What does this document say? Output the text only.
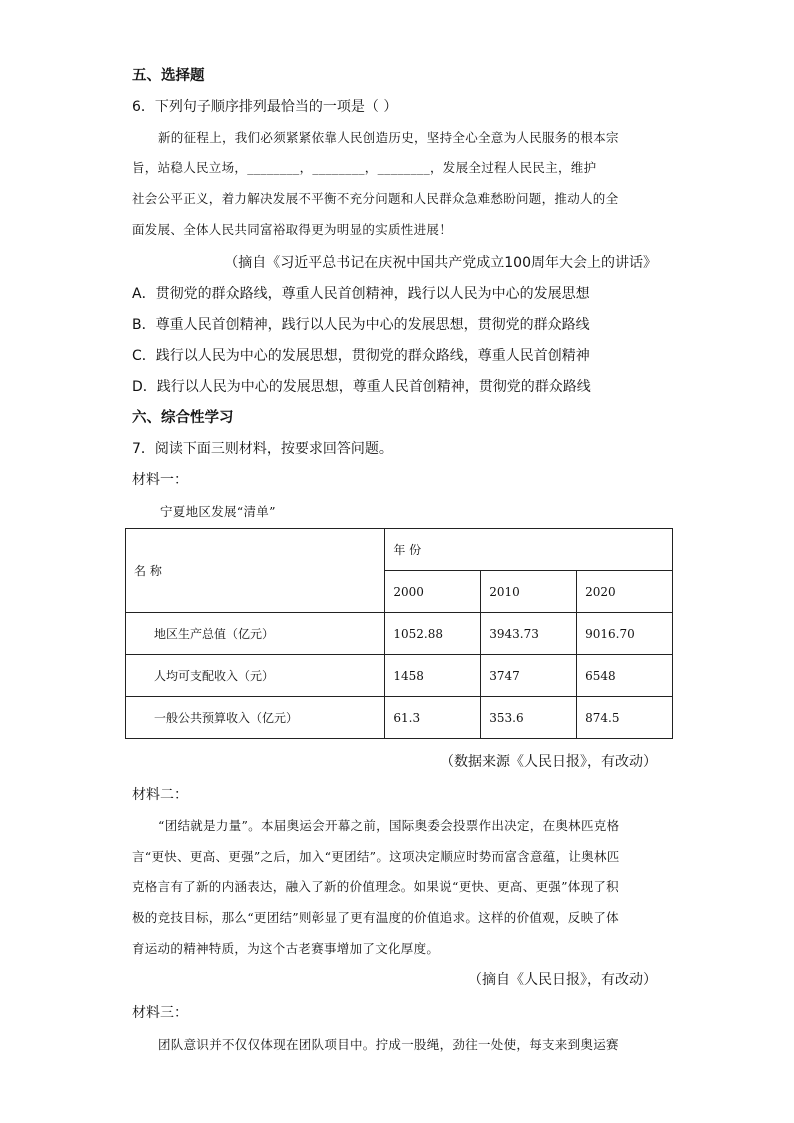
五、选择题
6．下列句子顺序排列最恰当的一项是（ ）
新的征程上，我们必须紧紧依靠人民创造历史，坚持全心全意为人民服务的根本宗
旨，站稳人民立场，________，________，________，发展全过程人民民主，维护
社会公平正义，着力解决发展不平衡不充分问题和人民群众急难愁盼问题，推动人的全
面发展、全体人民共同富裕取得更为明显的实质性进展！
（摘自《习近平总书记在庆祝中国共产党成立100周年大会上的讲话》
A．贯彻党的群众路线，尊重人民首创精神，践行以人民为中心的发展思想
B．尊重人民首创精神，践行以人民为中心的发展思想，贯彻党的群众路线
C．践行以人民为中心的发展思想，贯彻党的群众路线，尊重人民首创精神
D．践行以人民为中心的发展思想，尊重人民首创精神，贯彻党的群众路线
六、综合性学习
7．阅读下面三则材料，按要求回答问题。
材料一：
宁夏地区发展“清单”
名 称	年 份		
	2000	2010	2020
地区生产总值（亿元）	1052.88	3943.73	9016.70
人均可支配收入（元）	1458	3747	6548
一般公共预算收入（亿元）	61.3	353.6	874.5
（数据来源《人民日报》，有改动）
材料二：
“团结就是力量”。本届奥运会开幕之前，国际奥委会投票作出决定，在奥林匹克格
言“更快、更高、更强”之后，加入“更团结”。这项决定顺应时势而富含意蕴，让奥林匹
克格言有了新的内涵表达，融入了新的价值理念。如果说“更快、更高、更强”体现了积
极的竞技目标，那么“更团结”则彰显了更有温度的价值追求。这样的价值观，反映了体
育运动的精神特质，为这个古老赛事增加了文化厚度。
（摘自《人民日报》，有改动）
材料三：
团队意识并不仅仅体现在团队项目中。拧成一股绳，劲往一处使，每支来到奥运赛
